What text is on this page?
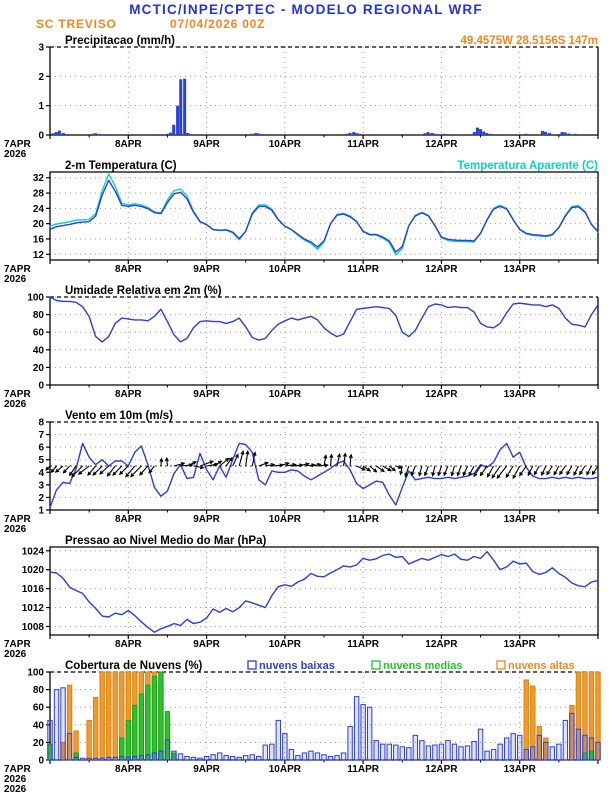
MCTIC/INPE/CPTEC - MODELO REGIONAL WRF
SC TREVISO	07/04/2026 00Z
0
1
2
3
7APR	8APR	9APR	10APR	11APR	12APR	13APR
2026
Precipitacao (mm/h)	49.4575W 28.5156S 147m
12
16
20
24
28
32
7APR	8APR	9APR	10APR	11APR	12APR	13APR
2026
2-m Temperatura (C)	Temperatura Aparente (C)
0
20
40
60
80
100
7APR	8APR	9APR	10APR	11APR	12APR	13APR
2026
Umidade Relativa em 2m (%)
1
2
3
4
5
6
7
8
7APR	8APR	9APR	10APR	11APR	12APR	13APR
2026
Vento em 10m (m/s)
1008
1012
1016
1020
1024
7APR	8APR	9APR	10APR	11APR	12APR	13APR
2026
Pressao ao Nivel Medio do Mar (hPa)
0
20
40
60
80
100
7APR	8APR	9APR	10APR	11APR	12APR	13APR
2026
2026
Cobertura de Nuvens (%)	nuvens baixas	nuvens medias	nuvens altas
